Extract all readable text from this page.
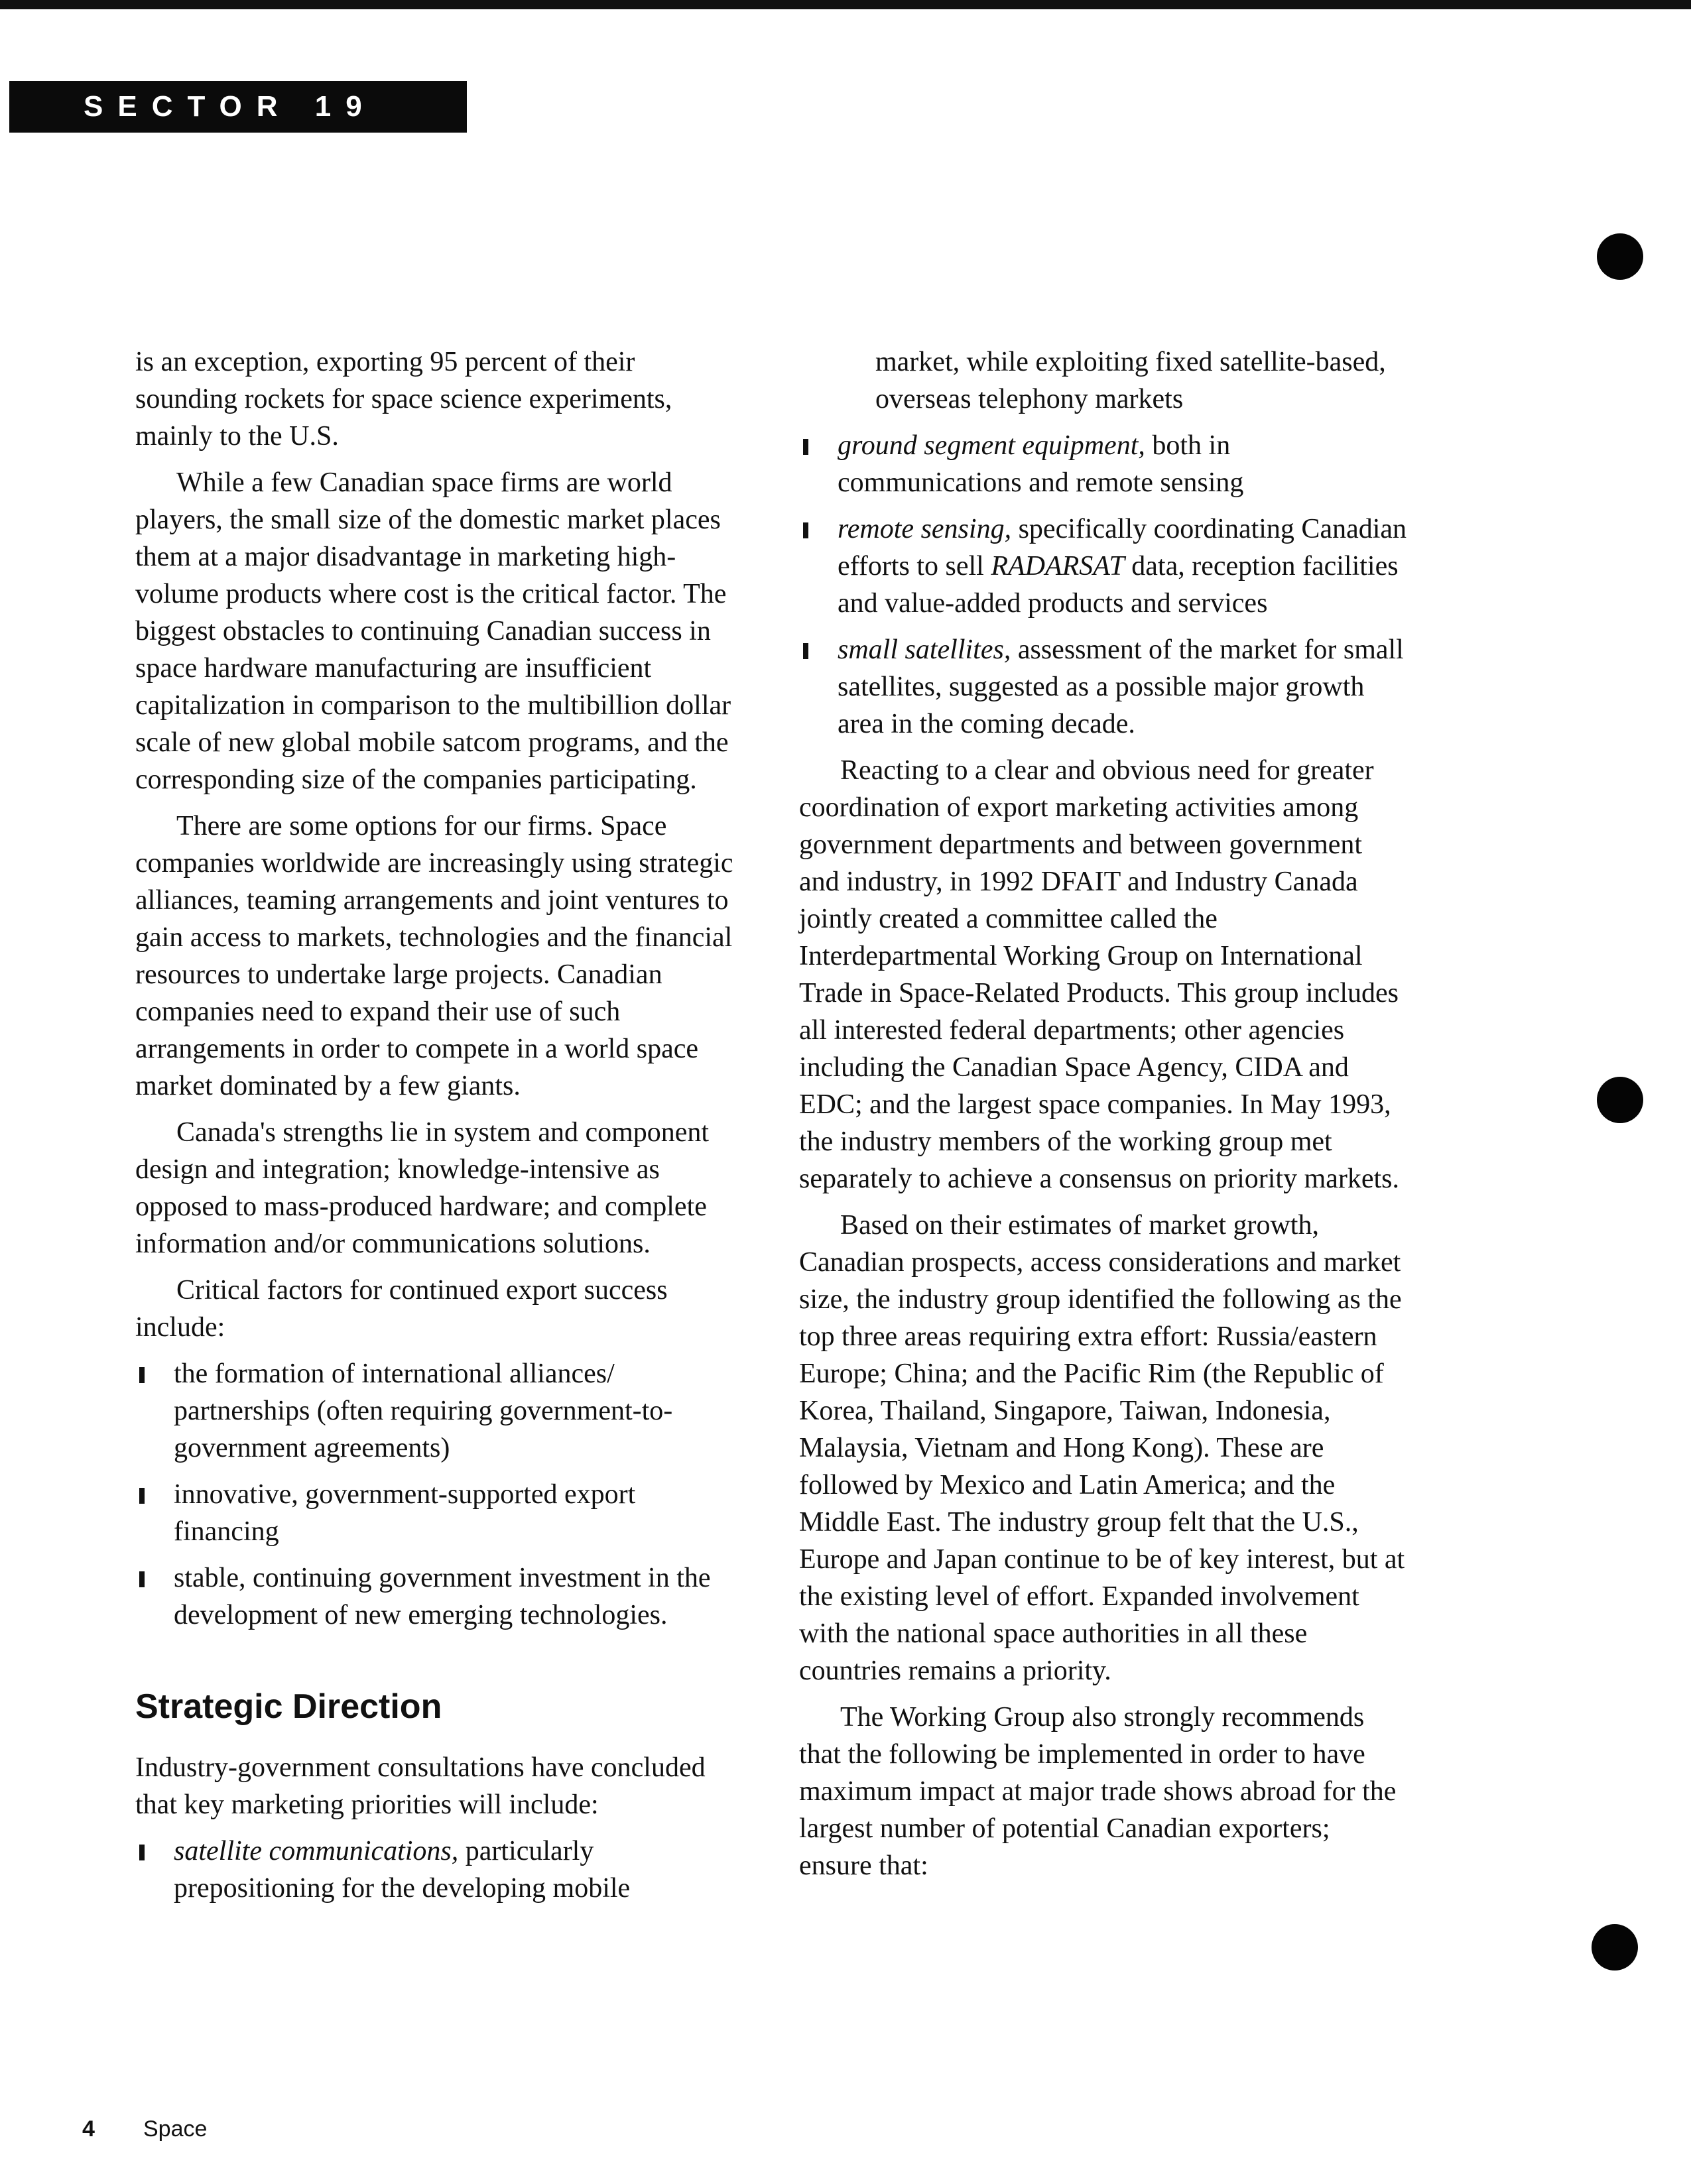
SECTOR 19

is an exception, exporting 95 percent of their sounding rockets for space science experiments, mainly to the U.S.

While a few Canadian space firms are world players, the small size of the domestic market places them at a major disadvantage in marketing high-volume products where cost is the critical factor. The biggest obstacles to continuing Canadian success in space hardware manufacturing are insufficient capitalization in comparison to the multibillion dollar scale of new global mobile satcom programs, and the corresponding size of the companies participating.

There are some options for our firms. Space companies worldwide are increasingly using strategic alliances, teaming arrangements and joint ventures to gain access to markets, technologies and the financial resources to undertake large projects. Canadian companies need to expand their use of such arrangements in order to compete in a world space market dominated by a few giants.

Canada's strengths lie in system and component design and integration; knowledge-intensive as opposed to mass-produced hardware; and complete information and/or communications solutions.

Critical factors for continued export success include:

the formation of international alliances/ partnerships (often requiring government-to-government agreements)
innovative, government-supported export financing
stable, continuing government investment in the development of new emerging technologies.
Strategic Direction

Industry-government consultations have concluded that key marketing priorities will include:

satellite communications, particularly prepositioning for the developing mobile

market, while exploiting fixed satellite-based, overseas telephony markets

ground segment equipment, both in communications and remote sensing
remote sensing, specifically coordinating Canadian efforts to sell RADARSAT data, reception facilities and value-added products and services
small satellites, assessment of the market for small satellites, suggested as a possible major growth area in the coming decade.

Reacting to a clear and obvious need for greater coordination of export marketing activities among government departments and between government and industry, in 1992 DFAIT and Industry Canada jointly created a committee called the Interdepartmental Working Group on International Trade in Space-Related Products. This group includes all interested federal departments; other agencies including the Canadian Space Agency, CIDA and EDC; and the largest space companies. In May 1993, the industry members of the working group met separately to achieve a consensus on priority markets.

Based on their estimates of market growth, Canadian prospects, access considerations and market size, the industry group identified the following as the top three areas requiring extra effort: Russia/eastern Europe; China; and the Pacific Rim (the Republic of Korea, Thailand, Singapore, Taiwan, Indonesia, Malaysia, Vietnam and Hong Kong). These are followed by Mexico and Latin America; and the Middle East. The industry group felt that the U.S., Europe and Japan continue to be of key interest, but at the existing level of effort. Expanded involvement with the national space authorities in all these countries remains a priority.

The Working Group also strongly recommends that the following be implemented in order to have maximum impact at major trade shows abroad for the largest number of potential Canadian exporters; ensure that:

4 Space
